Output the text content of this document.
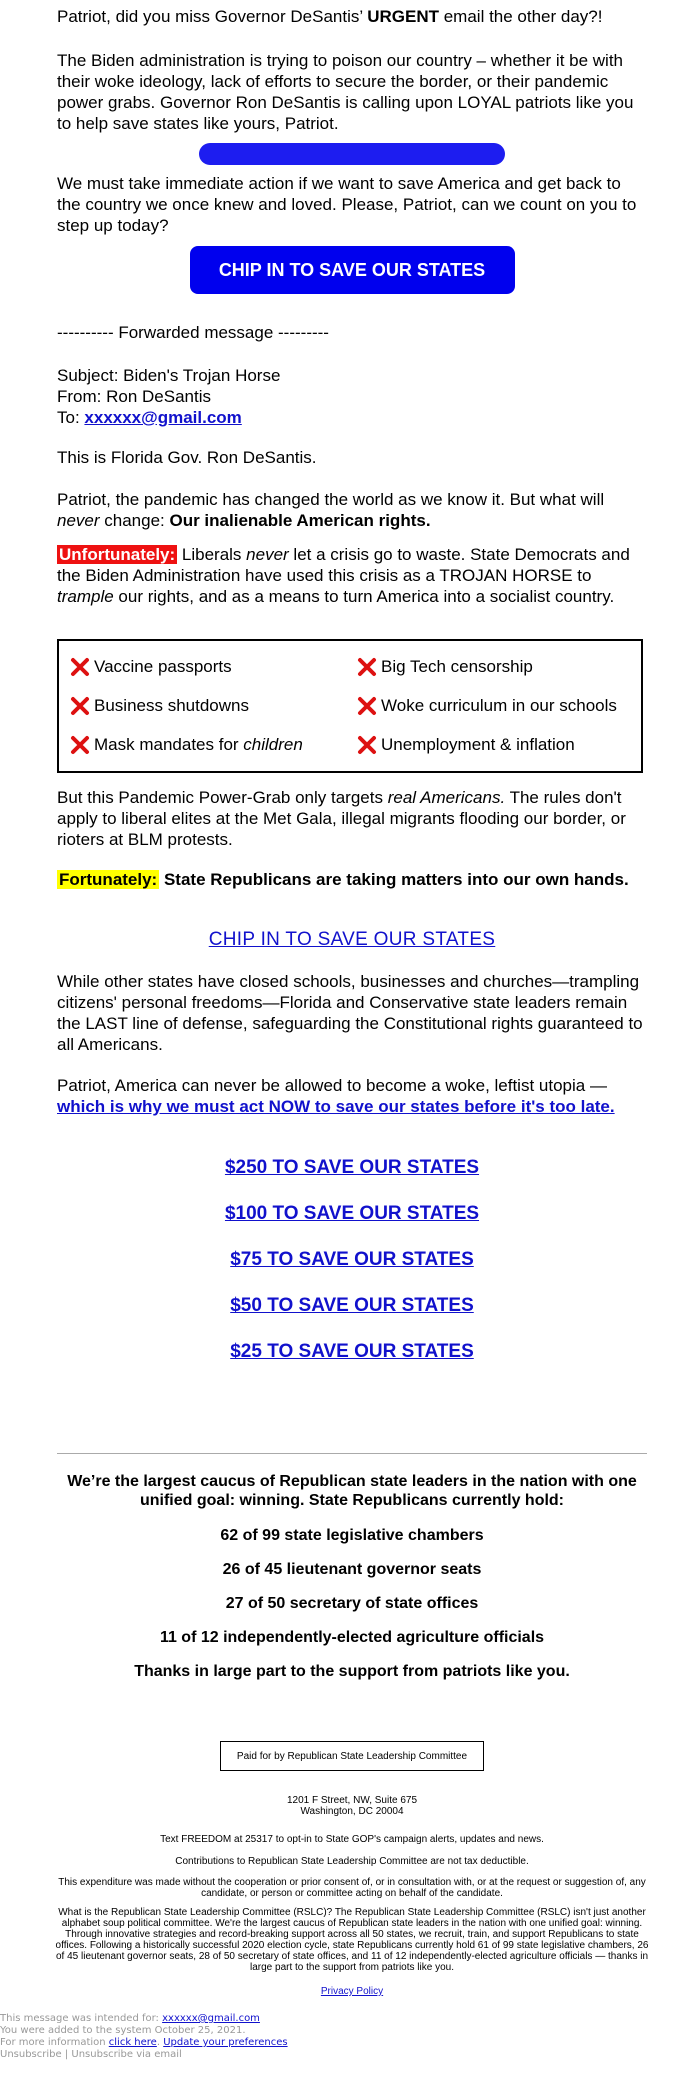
Patriot, did you miss Governor DeSantis’ URGENT email the other day?!

The Biden administration is trying to poison our country – whether it be with their woke ideology, lack of efforts to secure the border, or their pandemic power grabs. Governor Ron DeSantis is calling upon LOYAL patriots like you to help save states like yours, Patriot.

We must take immediate action if we want to save America and get back to the country we once knew and loved. Please, Patriot, can we count on you to step up today?

CHIP IN TO SAVE OUR STATES

---------- Forwarded message ---------

Subject: Biden's Trojan Horse

From: Ron DeSantis

To: xxxxxx@gmail.com

This is Florida Gov. Ron DeSantis.

Patriot, the pandemic has changed the world as we know it. But what will never change: Our inalienable American rights.

Unfortunately: Liberals never let a crisis go to waste. State Democrats and the Biden Administration have used this crisis as a TROJAN HORSE to trample our rights, and as a means to turn America into a socialist country.

Vaccine passports
Business shutdowns
Mask mandates for children
Big Tech censorship
Woke curriculum in our schools
Unemployment & inflation

But this Pandemic Power-Grab only targets real Americans. The rules don't apply to liberal elites at the Met Gala, illegal migrants flooding our border, or rioters at BLM protests.

Fortunately: State Republicans are taking matters into our own hands.

CHIP IN TO SAVE OUR STATES

While other states have closed schools, businesses and churches—trampling citizens' personal freedoms—Florida and Conservative state leaders remain the LAST line of defense, safeguarding the Constitutional rights guaranteed to all Americans.

Patriot, America can never be allowed to become a woke, leftist utopia — which is why we must act NOW to save our states before it's too late.

$250 TO SAVE OUR STATES
$100 TO SAVE OUR STATES
$75 TO SAVE OUR STATES
$50 TO SAVE OUR STATES
$25 TO SAVE OUR STATES

We’re the largest caucus of Republican state leaders in the nation with one unified goal: winning. State Republicans currently hold:

62 of 99 state legislative chambers

26 of 45 lieutenant governor seats

27 of 50 secretary of state offices

11 of 12 independently-elected agriculture officials

Thanks in large part to the support from patriots like you.

Paid for by Republican State Leadership Committee

1201 F Street, NW, Suite 675

Washington, DC 20004

Text FREEDOM at 25317 to opt-in to State GOP's campaign alerts, updates and news.

Contributions to Republican State Leadership Committee are not tax deductible.

This expenditure was made without the cooperation or prior consent of, or in consultation with, or at the request or suggestion of, any candidate, or person or committee acting on behalf of the candidate.

What is the Republican State Leadership Committee (RSLC)? The Republican State Leadership Committee (RSLC) isn't just another alphabet soup political committee. We're the largest caucus of Republican state leaders in the nation with one unified goal: winning. Through innovative strategies and record-breaking support across all 50 states, we recruit, train, and support Republicans to state offices. Following a historically successful 2020 election cycle, state Republicans currently hold 61 of 99 state legislative chambers, 26 of 45 lieutenant governor seats, 28 of 50 secretary of state offices, and 11 of 12 independently-elected agriculture officials — thanks in large part to the support from patriots like you.

Privacy Policy
This message was intended for: xxxxxx@gmail.com
You were added to the system October 25, 2021.
For more information click here. Update your preferences
Unsubscribe | Unsubscribe via email
